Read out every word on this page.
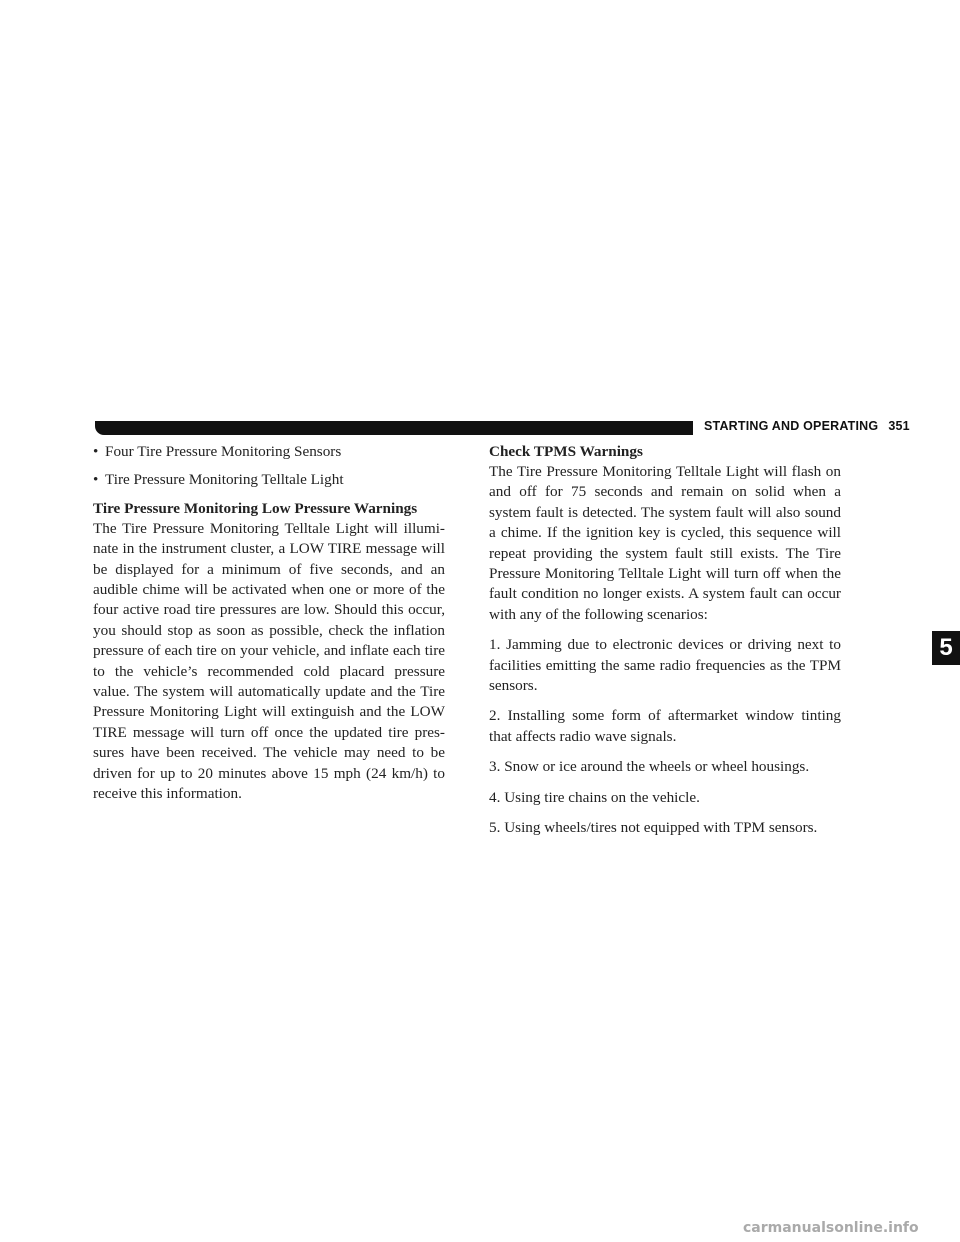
STARTING AND OPERATING 351
• Four Tire Pressure Monitoring Sensors
• Tire Pressure Monitoring Telltale Light
Tire Pressure Monitoring Low Pressure Warnings

The Tire Pressure Monitoring Telltale Light will illumi-nate in the instrument cluster, a LOW TIRE message will be displayed for a minimum of five seconds, and an audible chime will be activated when one or more of the four active road tire pressures are low. Should this occur, you should stop as soon as possible, check the inflation pressure of each tire on your vehicle, and inflate each tire to the vehicle’s recommended cold placard pressure value. The system will automatically update and the Tire Pressure Monitoring Light will extinguish and the LOW TIRE message will turn off once the updated tire pres-sures have been received. The vehicle may need to be driven for up to 20 minutes above 15 mph (24 km/h) to receive this information.

Check TPMS Warnings

The Tire Pressure Monitoring Telltale Light will flash on and off for 75 seconds and remain on solid when a system fault is detected. The system fault will also sound a chime. If the ignition key is cycled, this sequence will repeat providing the system fault still exists. The Tire Pressure Monitoring Telltale Light will turn off when the fault condition no longer exists. A system fault can occur with any of the following scenarios:

1. Jamming due to electronic devices or driving next to facilities emitting the same radio frequencies as the TPM sensors.

2. Installing some form of aftermarket window tinting that affects radio wave signals.

3. Snow or ice around the wheels or wheel housings.

4. Using tire chains on the vehicle.

5. Using wheels/tires not equipped with TPM sensors.

5
carmanualsonline.info
